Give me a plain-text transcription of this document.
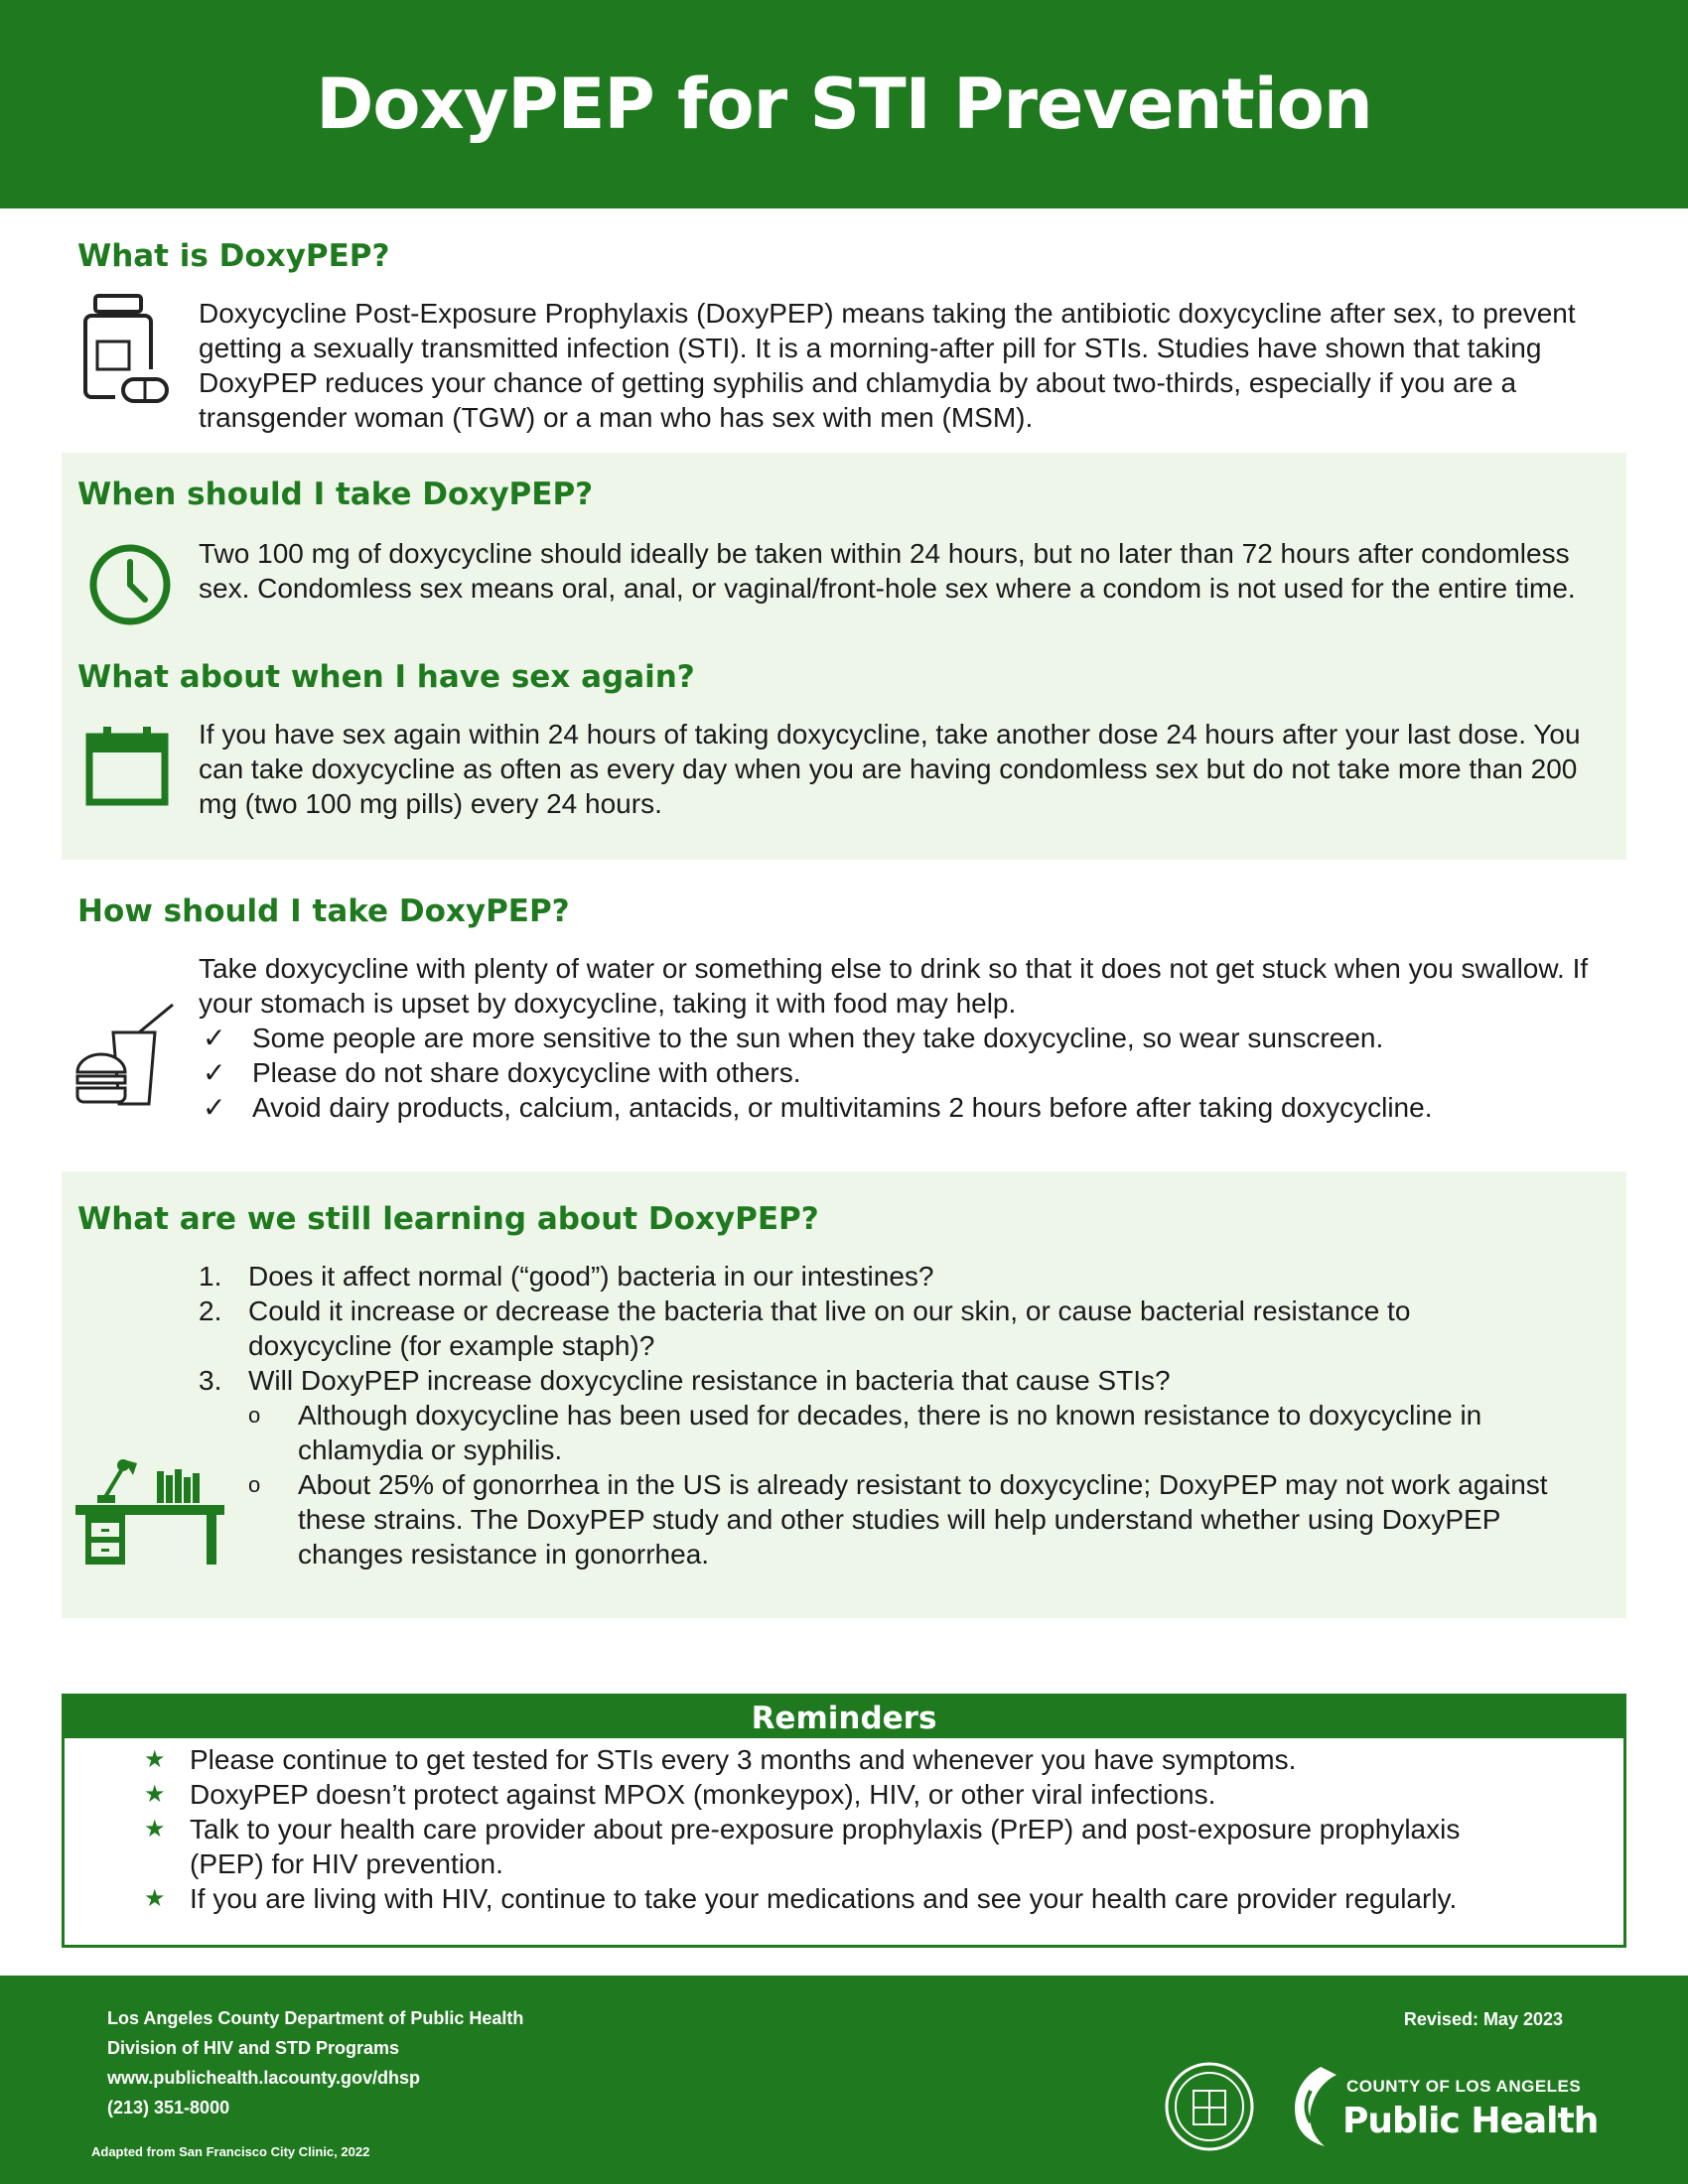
DoxyPEP for STI Prevention
What is DoxyPEP?

Doxycycline Post-Exposure Prophylaxis (DoxyPEP) means taking the antibiotic doxycycline after sex, to prevent getting a sexually transmitted infection (STI). It is a morning-after pill for STIs. Studies have shown that taking DoxyPEP reduces your chance of getting syphilis and chlamydia by about two-thirds, especially if you are a transgender woman (TGW) or a man who has sex with men (MSM).

When should I take DoxyPEP?

Two 100 mg of doxycycline should ideally be taken within 24 hours, but no later than 72 hours after condomless sex. Condomless sex means oral, anal, or vaginal/front-hole sex where a condom is not used for the entire time.

What about when I have sex again?

If you have sex again within 24 hours of taking doxycycline, take another dose 24 hours after your last dose. You can take doxycycline as often as every day when you are having condomless sex but do not take more than 200 mg (two 100 mg pills) every 24 hours.

How should I take DoxyPEP?
Take doxycycline with plenty of water or something else to drink so that it does not get stuck when you swallow. If your stomach is upset by doxycycline, taking it with food may help.
✓ Some people are more sensitive to the sun when they take doxycycline, so wear sunscreen.
✓ Please do not share doxycycline with others.
✓ Avoid dairy products, calcium, antacids, or multivitamins 2 hours before after taking doxycycline.
What are we still learning about DoxyPEP?
1. Does it affect normal (“good”) bacteria in our intestines?
2. Could it increase or decrease the bacteria that live on our skin, or cause bacterial resistance to doxycycline (for example staph)?
3. Will DoxyPEP increase doxycycline resistance in bacteria that cause STIs?
o	Although doxycycline has been used for decades, there is no known resistance to doxycycline in chlamydia or syphilis.
o	About 25% of gonorrhea in the US is already resistant to doxycycline; DoxyPEP may not work against these strains. The DoxyPEP study and other studies will help understand whether using DoxyPEP changes resistance in gonorrhea.
Reminders
★ Please continue to get tested for STIs every 3 months and whenever you have symptoms.
★ DoxyPEP doesn’t protect against MPOX (monkeypox), HIV, or other viral infections.
★ Talk to your health care provider about pre-exposure prophylaxis (PrEP) and post-exposure prophylaxis (PEP) for HIV prevention.
★ If you are living with HIV, continue to take your medications and see your health care provider regularly.
Los Angeles County Department of Public Health
Division of HIV and STD Programs
www.publichealth.lacounty.gov/dhsp
(213) 351-8000
Adapted from San Francisco City Clinic, 2022
Revised: May 2023
COUNTY OF LOS ANGELES
Public Health
